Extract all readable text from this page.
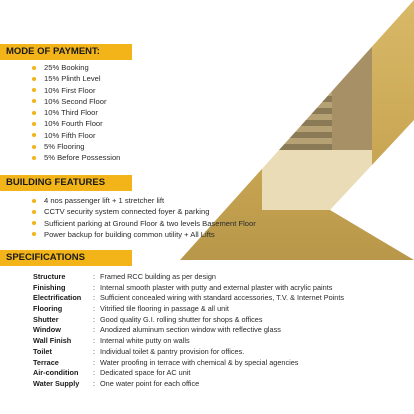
MODE OF PAYMENT:
25% Booking
15% Plinth Level
10% First Floor
10% Second Floor
10% Third Floor
10% Fourth Floor
10% Fifth Floor
5% Flooring
5% Before Possession
BUILDING FEATURES
4 nos passenger lift + 1 stretcher lift
CCTV security system connected foyer & parking
Sufficient parking at Ground Floor & two levels Basement Floor
Power backup for building common utility + All Lifts
SPECIFICATIONS
Structure	: Framed RCC building as per design
Finishing	: Internal smooth plaster with putty and external plaster with acrylic paints
Electrification	: Sufficient concealed wiring with standard accessories, T.V. & Internet Points
Flooring	: Vitrified tile flooring in passage & all unit
Shutter	: Good quality G.I. rolling shutter for shops & offices
Window	: Anodized aluminum section window with reflective glass
Wall Finish	: Internal white putty on walls
Toilet	: Individual toilet & pantry provision for offices.
Terrace	: Water proofing in terrace with chemical & by special agencies
Air-condition	: Dedicated space for AC unit
Water Supply	: One water point for each office
